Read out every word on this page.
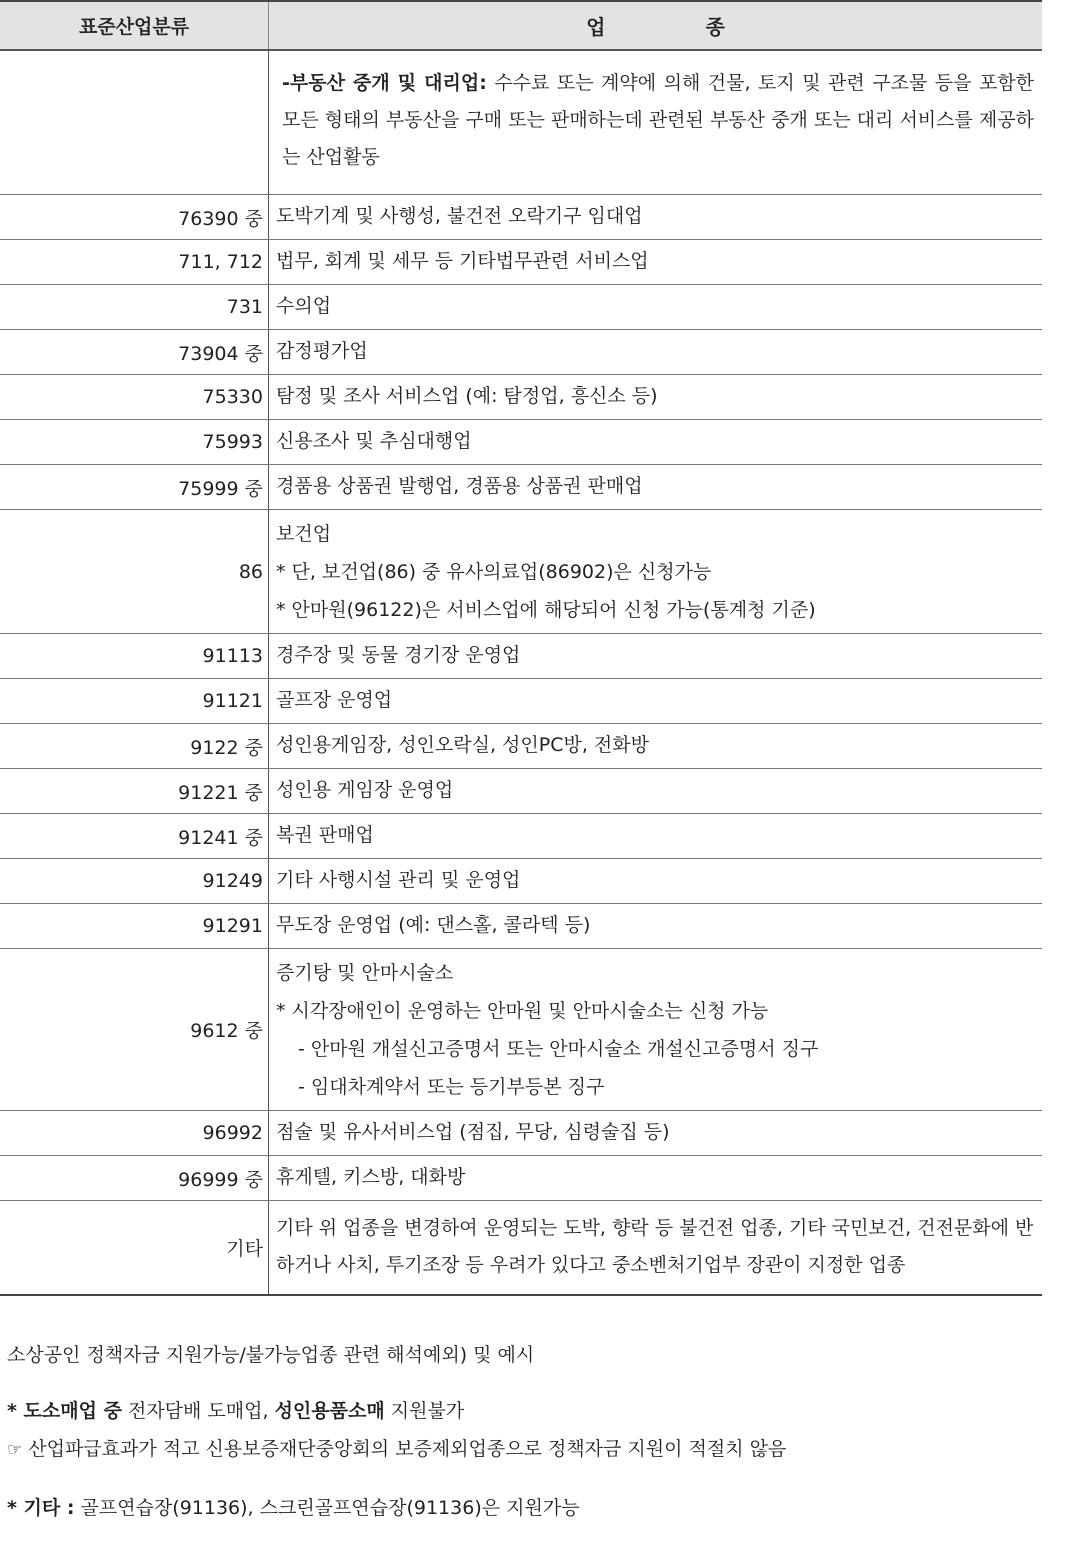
표준산업분류	업	종
-부동산 중개 및 대리업: 수수료 또는 계약에 의해 건물, 토지 및 관련 구조물 등을 포함한 모든 형태의 부동산을 구매 또는 판매하는데 관련된 부동산 중개 또는 대리 서비스를 제공하는 산업활동
76390 중 도박기계 및 사행성, 불건전 오락기구 임대업
711, 712 법무, 회계 및 세무 등 기타법무관련 서비스업
731 수의업
73904 중 감정평가업
75330 탐정 및 조사 서비스업 (예: 탐정업, 흥신소 등)
75993 신용조사 및 추심대행업
75999 중 경품용 상품권 발행업, 경품용 상품권 판매업
86
보건업
* 단, 보건업(86) 중 유사의료업(86902)은 신청가능
* 안마원(96122)은 서비스업에 해당되어 신청 가능(통계청 기준)
91113 경주장 및 동물 경기장 운영업
91121 골프장 운영업
9122 중 성인용게임장, 성인오락실, 성인PC방, 전화방
91221 중 성인용 게임장 운영업
91241 중 복권 판매업
91249 기타 사행시설 관리 및 운영업
91291 무도장 운영업 (예: 댄스홀, 콜라텍 등)
9612 중
증기탕 및 안마시술소
* 시각장애인이 운영하는 안마원 및 안마시술소는 신청 가능
- 안마원 개설신고증명서 또는 안마시술소 개설신고증명서 징구
- 임대차계약서 또는 등기부등본 징구
96992 점술 및 유사서비스업 (점집, 무당, 심령술집 등)
96999 중 휴게텔, 키스방, 대화방
기타
기타 위 업종을 변경하여 운영되는 도박, 향락 등 불건전 업종, 기타 국민보건, 건전문화에 반하거나 사치, 투기조장 등 우려가 있다고 중소벤처기업부 장관이 지정한 업종

소상공인 정책자금 지원가능/불가능업종 관련 해석예외) 및 예시

* 도소매업 중 전자담배 도매업, 성인용품소매 지원불가

☞ 산업파급효과가 적고 신용보증재단중앙회의 보증제외업종으로 정책자금 지원이 적절치 않음

* 기타 : 골프연습장(91136), 스크린골프연습장(91136)은 지원가능
